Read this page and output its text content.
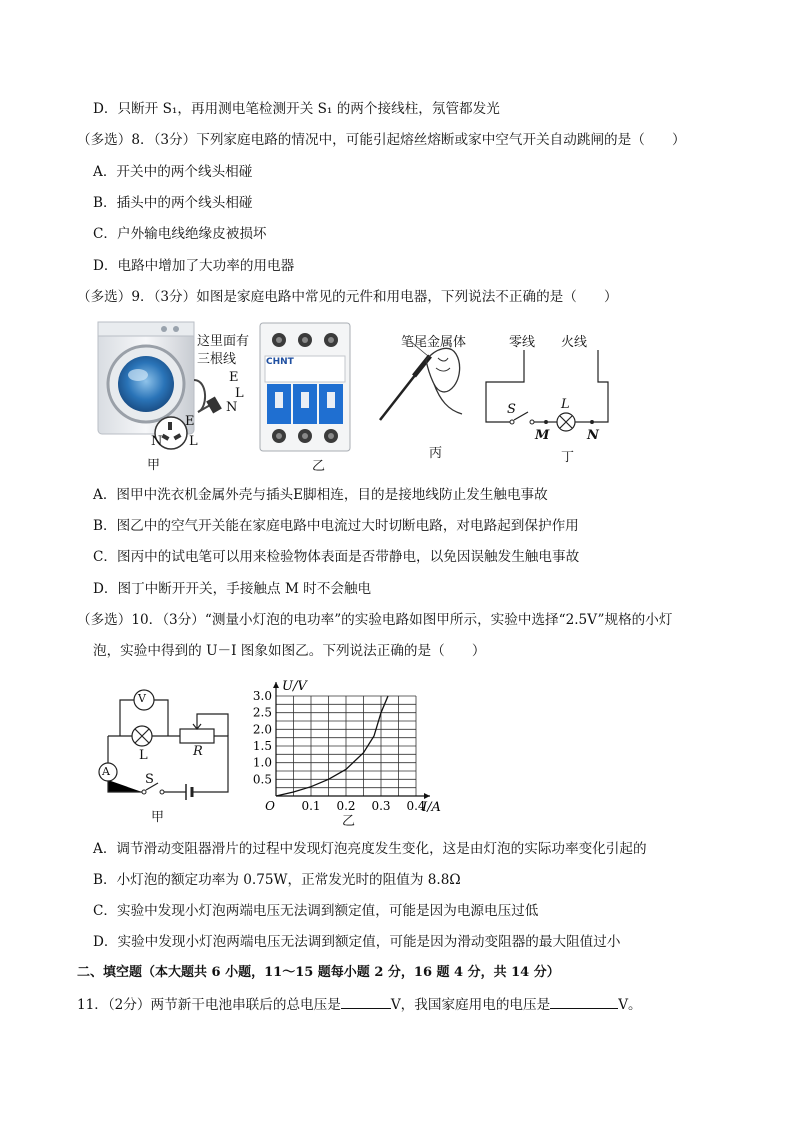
D．只断开 S₁，再用测电笔检测开关 S₁ 的两个接线柱，氖管都发光
（多选）8．（3分）下列家庭电路的情况中，可能引起熔丝熔断或家中空气开关自动跳闸的是（　　）
A．开关中的两个线头相碰
B．插头中的两个线头相碰
C．户外输电线绝缘皮被损坏
D．电路中增加了大功率的用电器
（多选）9．（3分）如图是家庭电路中常见的元件和用电器，下列说法不正确的是（　　）
这里面有
三根线
E
L
N
E
N L
甲
CHNT
乙
笔尾金属体
丙
零线 火线
S	L
M	N
丁
A．图甲中洗衣机金属外壳与插头E脚相连，目的是接地线防止发生触电事故
B．图乙中的空气开关能在家庭电路中电流过大时切断电路，对电路起到保护作用
C．图丙中的试电笔可以用来检验物体表面是否带静电，以免因误触发生触电事故
D．图丁中断开开关，手接触点 M 时不会触电
（多选）10．（3分）“测量小灯泡的电功率”的实验电路如图甲所示，实验中选择“2.5V”规格的小灯
泡，实验中得到的 U－I 图象如图乙。下列说法正确的是（　　）
V
L	R
A
S
甲
0.1 0.2 0.3 0.4
0.5
1.0
1.5
2.0
2.5
3.0
O	I/A
U/V
乙
A．调节滑动变阻器滑片的过程中发现灯泡亮度发生变化，这是由灯泡的实际功率变化引起的
B．小灯泡的额定功率为 0.75W，正常发光时的阻值为 8.8Ω
C．实验中发现小灯泡两端电压无法调到额定值，可能是因为电源电压过低
D．实验中发现小灯泡两端电压无法调到额定值，可能是因为滑动变阻器的最大阻值过小
二、填空题（本大题共 6 小题，11～15 题每小题 2 分，16 题 4 分，共 14 分）
11．（2分）两节新干电池串联后的总电压是	V，我国家庭用电的电压是	V。
